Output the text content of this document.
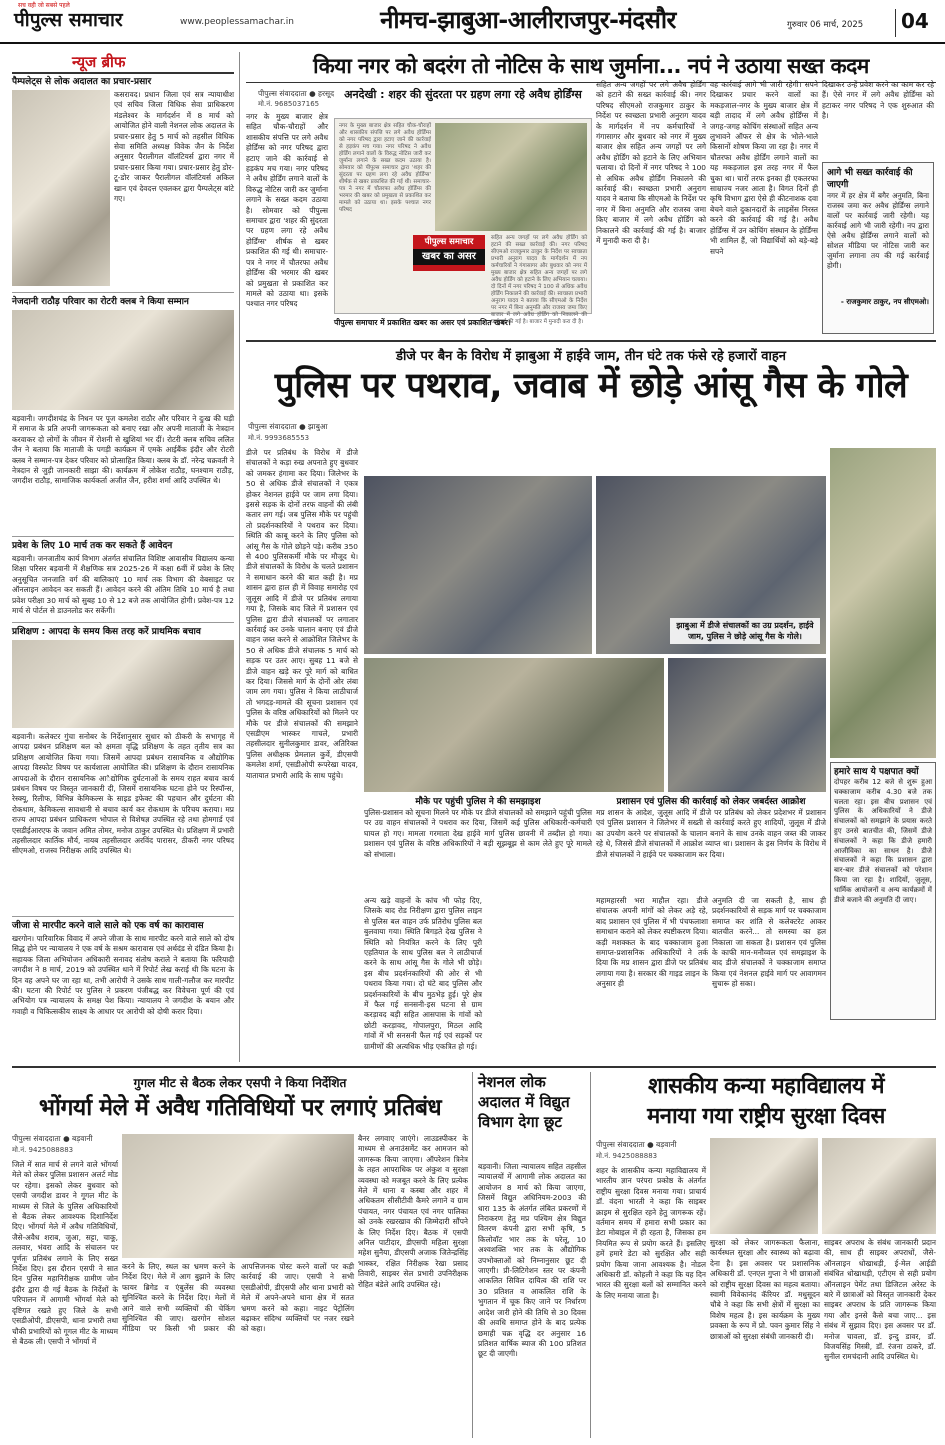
पीपुल्स समाचार
सच वही जो सबसे पहले
www.peoplessamachar.in	नीमच-झाबुआ-आलीराजपुर-मंदसौर	गुरुवार 06 मार्च, 2025	04
न्यूज ब्रीफ
पैम्पलेट्स से लोक अदालत का प्रचार-प्रसार
कसरावद। प्रधान जिला एवं सत्र न्यायाधीश एवं सचिव जिला विधिक सेवा प्राधिकरण मंडलेश्वर के मार्गदर्शन में 8 मार्च को आयोजित होने वाली नेशनल लोक अदालत के प्रचार-प्रसार हेतु 5 मार्च को तहसील विधिक सेवा समिति अध्यक्ष विवेक जैन के निर्देश अनुसार पैरालीगल वॉलंटियर्स द्वारा नगर में प्रचार-प्रसार किया गया। प्रचार-प्रसार हेतु डोर-टू-डोर जाकर पैरालीगल वॉलंटियर्स अकिल खान एवं देवदत्त एवलकर द्वारा पैम्पलेट्स बांटे गए।
नेजदानी राठौड़ परिवार का रोटरी क्लब ने किया सम्मान
बड़वानी। जगदीशचंद्र के निधन पर पूज कमलेश राठौर और परिवार ने दुःख की घड़ी में समाज के प्रति अपनी जागरूकता को बनाए रखा और अपनी माताजी के नेत्रदान करवाकर दो लोगों के जीवन में रोशनी से खुशियां भर दीं। रोटरी क्लब सचिव ललित जैन ने बताया कि माताजी के पगड़ी कार्यक्रम में एमके आईबैंक इंदौर और रोटरी क्लब ने सम्मान-पत्र देकर परिवार को प्रोत्साहित किया। क्लब के डॉ. नरेन्द्र चक्रवती ने नेत्रदान से जुड़ी जानकारी साझा की। कार्यक्रम में लोकेश राठौड़, घनश्याम राठौड़, जगदीश राठौड़, सामाजिक कार्यकर्ता अजीत जैन, हरीश शर्मा आदि उपस्थित थे।
प्रवेश के लिए 10 मार्च तक कर सकते हैं आवेदन
बड़वानी। जनजातीय कार्य विभाग अंतर्गत संचालित विशिष्ट आवासीय विद्यालय कन्या शिक्षा परिसर बड़वानी में शैक्षणिक सत्र 2025-26 में कक्षा 6वीं में प्रवेश के लिए अनुसूचित जनजाति वर्ग की बालिकाएं 10 मार्च तक विभाग की वेबसाइट पर ऑनलाइन आवेदन कर सकती हैं। आवेदन करने की अंतिम तिथि 10 मार्च है तथा प्रवेश परीक्षा 30 मार्च को सुबह 10 से 12 बजे तक आयोजित होगी। प्रवेश-पत्र 12 मार्च से पोर्टल से डाउनलोड कर सकेंगी।
प्रशिक्षण : आपदा के समय किस तरह करें प्राथमिक बचाव
बड़वानी। कलेक्टर गुंचा सनोबर के निर्देशानुसार सुधार को ठीकरी के सभागृह में आपदा प्रबंधन प्रशिक्षण बल को क्षमता वृद्धि प्रशिक्षण के तहत तृतीय सत्र का प्रशिक्षण आयोजित किया गया। जिसमें आपदा प्रबंधन रासायनिक व औद्योगिक आपदा विस्फोट विषय पर कार्यशाला आयोजित की। प्रशिक्षण के दौरान रासायनिक आपदाओं के दौरान रासायनिक आैद्योगिक दुर्घटनाओं के समय राहत बचाव कार्य प्रबंधन विषय पर विस्तृत जानकारी दी, जिसमें रासायनिक घटना होने पर रिस्पॉन्स, रेस्क्यू, रिलीफ, विभिन्न केमिकल्स के साइड इफेक्ट की पहचान और दुर्घटना की रोकथाम, केमिकल्स सावधानी से बचाव कार्य कर रोकथाम के परिचय कराया। मप्र राज्य आपदा प्रबंधन प्राधिकरण भोपाल से विशेषज्ञ उपस्थित रहे तथा होमगार्ड एवं एसडीईआरएफ के जवान अमित तोमर, मनोज ठाकुर उपस्थित थे। प्रशिक्षण में प्रभारी तहसीलदार कार्तिक मौर्य, नायब तहसीलदार अरविंद पारासर, ठीकरी नगर परिषद सीएमओ, राजस्व निरीक्षक आदि उपस्थित थे।
जीजा से मारपीट करने वाले साले को एक वर्ष का कारावास
खरगोन। पारिवारिक विवाद में अपने जीजा के साथ मारपीट करने वाले साले को दोष सिद्ध होने पर न्यायालय ने एक वर्ष के सश्रम कारावास एवं अर्थदंड से दंडित किया है। सहायक जिला अभियोजन अधिकारी सनावद संतोष कराले ने बताया कि फरियादी जगदीश ने 8 मार्च, 2019 को उपस्थित थाने में रिपोर्ट लेख कराई थी कि घटना के दिन वह अपने घर जा रहा था, तभी आरोपी ने उसके साथ गाली-गलौज कर मारपीट की। घटना की रिपोर्ट पर पुलिस ने प्रकरण पंजीबद्ध कर विवेचना पूर्ण की एवं अभियोग पत्र न्यायालय के समक्ष पेश किया। न्यायालय ने जगदीश के बयान और गवाही व चिकित्सकीय साक्ष्य के आधार पर आरोपी को दोषी करार दिया।
किया नगर को बदरंग तो नोटिस के साथ जुर्माना... नपं ने उठाया सख्त कदम
पीपुल्स संवाददाता ● हरसूद
मो.नं. 9685037165
नगर के मुख्य बाजार क्षेत्र सहित चौक-चौराहों और शासकीय संपत्ति पर लगे अवैध होर्डिंग्स को नगर परिषद द्वारा हटाए जाने की कार्रवाई से हड़कंप मच गया। नगर परिषद ने अवैध होर्डिंग लगाने वालों के विरुद्ध नोटिस जारी कर जुर्माना लगाने के सख्त कदम उठाया है। सोमवार को पीपुल्स समाचार द्वारा 'शहर की सुंदरता पर ग्रहण लगा रहे अवैध होर्डिंग्स' शीर्षक से खबर प्रकाशित की गई थी। समाचार-पत्र ने नगर में चौतरफा अवैध होर्डिंग्स की भरमार की खबर को प्रमुखता से प्रकाशित कर मामले को उठाया था। इसके पश्चात नगर परिषद
अनदेखी : शहर की सुंदरता पर ग्रहण लगा रहे अवैध होर्डिंग्स
नगर के मुख्य बाजार क्षेत्र सहित चौक-चौराहों और शासकीय संपत्ति पर लगे अवैध होर्डिंग्स को नगर परिषद द्वारा हटाए जाने की कार्रवाई से हड़कंप मच गया। नगर परिषद ने अवैध होर्डिंग लगाने वालों के विरुद्ध नोटिस जारी कर जुर्माना लगाने के सख्त कदम उठाया है। सोमवार को पीपुल्स समाचार द्वारा 'शहर की सुंदरता पर ग्रहण लगा रहे अवैध होर्डिंग्स' शीर्षक से खबर प्रकाशित की गई थी। समाचार-पत्र ने नगर में चौतरफा अवैध होर्डिंग्स की भरमार की खबर को प्रमुखता से प्रकाशित कर मामले को उठाया था। इसके पश्चात नगर परिषद
पीपुल्स समाचार
खबर का असर
सहित अन्य जगहों पर लगे अवैध होर्डिंग को हटाने की सख्त कार्रवाई की। नगर परिषद सीएमओ राजकुमार ठाकुर के निर्देश पर स्वच्छता प्रभारी अनुराग यादव के मार्गदर्शन में नप कर्मचारियों ने गंगासागर और बुधवार को नगर में मुख्य बाजार क्षेत्र सहित अन्य जगहों पर लगे अवैध होर्डिंग को हटाने के लिए अभियान चलाया। दो दिनों में नगर परिषद ने 100 से अधिक अवैध होर्डिंग निकालने की कार्रवाई की। स्वच्छता प्रभारी अनुराग यादव ने बताया कि सीएमओ के निर्देश पर नगर में बिना अनुमति और राजस्व जमा किए बाजार में लगे अवैध होर्डिंग को निकालने की कार्रवाई की गई है। बाजार में मुनादी करा दी है।
पीपुल्स समाचार में प्रकाशित खबर का असर एवं प्रकाशित खबर।
सहित अन्य जगहों पर लगे अवैध होर्डिंग को हटाने की सख्त कार्रवाई की। नगर परिषद सीएमओ राजकुमार ठाकुर के निर्देश पर स्वच्छता प्रभारी अनुराग यादव के मार्गदर्शन में नप कर्मचारियों ने गंगासागर और बुधवार को नगर में मुख्य बाजार क्षेत्र सहित अन्य जगहों पर लगे अवैध होर्डिंग को हटाने के लिए अभियान चलाया। दो दिनों में नगर परिषद ने 100 से अधिक अवैध होर्डिंग निकालने की कार्रवाई की। स्वच्छता प्रभारी अनुराग यादव ने बताया कि सीएमओ के निर्देश पर नगर में बिना अनुमति और राजस्व जमा किए बाजार में लगे अवैध होर्डिंग को निकालने की कार्रवाई की गई है। बाजार में मुनादी करा दी है।
वह कार्रवाई आगे भी जारी रहेगी। सपने दिखाकर प्रचार करने वालों का मकड़जाल-नगर के मुख्य बाजार क्षेत्र में बड़ी तादाद में लगे अवैध होर्डिंग्स में जगह-जगह कोचिंग संस्थाओं सहित अन्य लुभावने ऑफर से क्षेत्र के भोले-भाले किसानों शोषण किया जा रहा है। नगर में चौतरफा अवैध होर्डिंग लगाने वालों का यह मकड़जाल इस तरह नगर में फैल चुका था। चारों तरफ इनका ही एकतरफा साम्राज्य नजर आता है। विगत दिनों ही कृषि विभाग द्वारा ऐसे ही कीटनाशक दवा बेचने वाले दुकानदारों के लाइसेंस निरस्त करने की कार्रवाई की गई है। अवैध होर्डिंग्स में उन कोचिंग संस्थान के होर्डिंग्स भी शामिल हैं, जो विद्यार्थियों को बड़े-बड़े सपने
दिखाकर उन्हें प्रवेश करने का काम कर रहे हैं। ऐसे नगर में लगे अवैध होर्डिंग्स को हटाकर नगर परिषद ने एक शुरुआत की है।
आगे भी सख्त कार्रवाई की जाएगी
नगर में हर क्षेत्र में बगैर अनुमति, बिना राजस्व जमा कर अवैध होर्डिंग्स लगाने वालों पर कार्रवाई जारी रहेगी। यह कार्रवाई आगे भी जारी रहेगी। नप द्वारा ऐसे अवैध होर्डिंग्स लगाने वालों को सोशल मीडिया पर नोटिस जारी कर जुर्माना लगाना तय की गई कार्रवाई होगी।
- राजकुमार ठाकुर, नप सीएमओ।
डीजे पर बैन के विरोध में झाबुआ में हाईवे जाम, तीन घंटे तक फंसे रहे हजारों वाहन
पुलिस पर पथराव, जवाब में छोड़े आंसू गैस के गोले
पीपुल्स संवाददाता ● झाबुआ
मो.नं. 9993685553
डीजे पर प्रतिबंध के विरोध में डीजे संचालकों ने कड़ा रुख अपनाते हुए बुधवार को जमकर हंगामा कर दिया। जिलेभर के 50 से अधिक डीजे संचालकों ने एकत्र होकर नेशनल हाईवे पर जाम लगा दिया। इससे सड़क के दोनों तरफ वाहनों की लंबी कतार लग गई। जब पुलिस मौके पर पहुंची तो प्रदर्शनकारियों ने पथराव कर दिया। स्थिति की काबू करने के लिए पुलिस को आंसू गैस के गोले छोड़ने पड़े। करीब 350 से 400 पुलिसकर्मी मौके पर मौजूद थे। डीजे संचालकों के विरोध के चलते प्रशासन ने समाधान करने की बात कही है। मप्र शासन द्वारा हाल ही में विवाह समारोह एवं जुलूस आदि में डीजे पर प्रतिबंध लगाया गया है, जिसके बाद जिले में प्रशासन एवं पुलिस द्वारा डीजे संचालकों पर लगातार कार्रवाई कर उनके चालान बनाए एवं डीजे वाहन जब्त करने से आक्रोशित जिलेभर के 50 से अधिक डीजे संचालक 5 मार्च को सड़क पर उतर आए। सुबह 11 बजे से डीजे वाहन खड़े कर पूरे मार्ग को बाधित कर दिया। जिससे मार्ग के दोनों ओर लंबा जाम लग गया। पुलिस ने किया लाठीचार्ज तो भगदड़-मामले की सूचना प्रशासन एवं पुलिस के वरिष्ठ अधिकारियों को मिलने पर मौके पर डीजे संचालकों की समझाने एसडीएम भास्कर गाचले, प्रभारी तहसीलदार सुनीलकुमार डावर, अतिरिक्त पुलिस अधीक्षक प्रेमलाल कुर्वे, डीएसपी कमलेश शर्मा, एसडीओपी रूपरेखा यादव, यातायात प्रभारी आदि के साथ पहुंचे।
झाबुआ में डीजे संचालकों का उग्र प्रदर्शन, हाईवे जाम, पुलिस ने छोड़े आंसू गैस के गोले।
मौके पर पहुंची पुलिस ने की समझाइश
पुलिस-प्रशासन को सूचना मिलने पर मौके पर डीजे संचालकों को समझाने पहुंची पुलिस पर उग्र वाहन संचालकों ने पथराव कर दिया, जिसमें कई पुलिस अधिकारी-कर्मचारी घायल हो गए। मामला गरमाता देख हाईवे मार्ग पुलिस छावनी में तब्दील हो गया। प्रशासन एवं पुलिस के वरिष्ठ अधिकारियों ने बड़ी सूझबूझ से काम लेते हुए पूरे मामले को संभाला।
प्रशासन एवं पुलिस की कार्रवाई को लेकर जबर्दस्त आक्रोश
मप्र शासन के आदेश, जुलूस आदि में डीजे पर प्रतिबंध को लेकर प्रदेशभर में प्रशासन एवं पुलिस प्रशासन ने जिलेभर में सख्ती से कार्रवाई करते हुए शादियों, जुलूस में डीजे का उपयोग करने पर संचालकों के चालान बनाने के साथ उनके वाहन जब्त की जाकर रहे थे, जिससे डीजे संचालकों में आक्रोश व्याप्त था। प्रशासन के इस निर्णय के विरोध में डीजे संचालकों ने हाईवे पर चक्काजाम कर दिया।
हमारे साथ ये पक्षपात क्यों
दोपहर करीब 12 बजे से शुरू हुआ चक्काजाम करीब 4.30 बजे तक चलता रहा। इस बीच प्रशासन एवं पुलिस के अधिकारियों ने डीजे संचालकों को समझाने के प्रयास करते हुए उनसे बातचीत की, जिसमें डीजे संचालकों ने कहा कि डीजे हमारी आजीविका का साधन है। डीजे संचालकों ने कहा कि प्रशासन द्वारा बार-बार डीजे संचालकों को परेशान किया जा रहा है। शादियों, जुलूस, धार्मिक आयोजनों व अन्य कार्यक्रमों में डीजे बजाने की अनुमति दी जाए।
अन्य खड़े वाहनों के कांच भी फोड़ दिए, जिसके बाद रोड निरीक्षण द्वारा पुलिस लाइन से पुलिस बल वाहन उर्फ प्रतिरोध पुलिस बल बुलवाया गया। स्थिति बिगड़ते देख पुलिस ने स्थिति को नियंत्रित करने के लिए पूरी एहतियात के साथ पुलिस बल ने लाठीचार्ज करने के साथ आंसू गैस के गोले भी छोड़े। इस बीच प्रदर्शनकारियों की ओर से भी पथराव किया गया। दो घंटे बाद पुलिस और प्रदर्शनकारियों के बीच मुठभेड़ हुई। पूरे क्षेत्र में फैल गई सनसनी-इस घटना से ग्राम करड़ावद बड़ी सहित आसपास के गांवों को छोटी करड़ावद, गोपालपुरा, मिठल आदि गांवों में भी सनसनी फैल गई एवं सड़कों पर ग्रामीणों की अत्यधिक भीड़ एकत्रित हो गई।
महामहारसी भरा माहौल रहा। डीजे संचालक अपनी मांगों को लेकर अड़े रहे, बाद प्रशासन एवं पुलिस में भी पंचफलाशा समाधान कराने को लेकर स्पष्टीकरण दिया। कड़ी मशक्कत के बाद चक्काजाम हुआ समाप्त-प्रशासनिक अधिकारियों ने तर्क दिया कि मप्र शासन द्वारा डीजे पर प्रतिबंध लगाया गया है। सरकार की गाइड लाइन के अनुसार ही
अनुमति दी जा सकती है, साथ ही प्रदर्शनकारियों से सड़क मार्ग पर चक्काजाम समाप्त कर शांति से कलेक्टरेट आकर बातचीत करने... तो समस्या का हल निकाला जा सकता है। प्रशासन एवं पुलिस के काफी मान-मनौव्वल एवं समझाइश के बाद डीजे संचालकों ने चक्काजाम समाप्त किया एवं नेशनल हाईवे मार्ग पर आवागमन सुचारू हो सका।
गुगल मीट से बैठक लेकर एसपी ने किया निर्देशित
भोंगर्या मेले में अवैध गतिविधियों पर लगाएं प्रतिबंध
पीपुल्स संवाददाता ● बड़वानी
मो.नं. 9425088883
जिले में सात मार्च से लगने वाले भोंगर्या मेले को लेकर पुलिस प्रशासन अलर्ट मोड पर रहेगा। इसको लेकर बुधवार को एसपी जगदीश डावर ने गूगल मीट के माध्यम से जिले के पुलिस अधिकारियों से बैठक लेकर आवश्यक दिशानिर्देश दिए। भोंगर्या मेले में अवैध गतिविधियों, जैसे-अवैध शराब, जुआ, सट्टा, चाकू, तलवार, भंवरा आदि के संचालन पर पूर्णतः प्रतिबंध लगाने के लिए सख्त निर्देश दिए। इस दौरान एसपी ने सात दिन पुलिस महानिरीक्षक ग्रामीण जोन इंदौर द्वारा दी गई बैठक के निर्देशों के परिपालन में आगामी भोंगर्या मेले को दृष्टिगत रखते हुए जिले के सभी एसडीओपी, डीएसपी, थाना प्रभारी तथा चौकी प्रभारियों को गूगल मीट के माध्यम से बैठक ली। एसपी ने भोंगर्या में
करने के लिए, स्थल का भ्रमण करने के निर्देश दिए। मेले में आग बुझाने के लिए फायर ब्रिगेड व एंबुलेंस की व्यवस्था सुनिश्चित करने के निर्देश दिए। मेलों में आने वाले सभी व्यक्तियों की चेकिंग सुनिश्चित की जाए। खरगोन सोशल मीडिया पर किसी भी प्रकार की आपत्तिजनक पोस्ट करने वालों पर कड़ी कार्रवाई की जाए। एसपी ने सभी एसडीओपी, डीएसपी और थाना प्रभारी को मेले में अपने-अपने थाना क्षेत्र में सतत भ्रमण करने को कहा। नाइट पेट्रोलिंग बढ़ाकर संदिग्ध व्यक्तियों पर नजर रखने को कहा।
बैनर लगवाए जाएंगे। लाउडस्पीकर के माध्यम से अनाउंसमेंट कर आमजन को जागरूक किया जाएगा। ऑपरेशन त्रिनेत्र के तहत आपराधिक पर अंकुश व सुरक्षा व्यवस्था को मजबूत करने के लिए प्रत्येक मेले में थाना व कस्बा और शहर में अधिकतम सीसीटीवी कैमरे लगाने व ग्राम पंचायत, नगर पंचायत एवं नगर पालिका को उनके रखरखाव की जिम्मेदारी सौंपने के लिए निर्देश दिए। बैठक में एसपी अनिल पाटीदार, डीएसपी महिला सुरक्षा महेश सुनैया, डीएसपी अजाक जितेन्द्रसिंह भास्कर, रक्षित निरीक्षक रेखा प्रसाद तिवारी, साइबर सेल प्रभारी उपनिरीक्षक रोहित बंडेले आदि उपस्थित रहे।
नेशनल लोक अदालत में विद्युत विभाग देगा छूट
बड़वानी। जिला न्यायालय सहित तहसील न्यायालयों में आगामी लोक अदालत का आयोजन 8 मार्च को किया जाएगा, जिसमें विद्युत अधिनियम-2003 की धारा 135 के अंतर्गत लंबित प्रकरणों में निराकरण हेतु मप्र पश्चिम क्षेत्र विद्युत वितरण कंपनी द्वारा सभी कृषि, 5 किलोवॉट भार तक के घरेलू, 10 अश्वशक्ति भार तक के औद्योगिक उपभोक्ताओं को निम्नानुसार छूट दी जाएगी। प्री-लिटिगेशन स्तर पर कंपनी आकलित सिविल दायित्व की राशि पर 30 प्रतिशत व आकलित राशि के भुगतान में चूक किए जाने पर निर्धारण आदेश जारी होने की तिथि से 30 दिवस की अवधि समाप्त होने के बाद प्रत्येक छमाही चक्र वृद्धि दर अनुसार 16 प्रतिशत वार्षिक ब्याज की 100 प्रतिशत छूट दी जाएगी।
शासकीय कन्या महाविद्यालय में
मनाया गया राष्ट्रीय सुरक्षा दिवस
पीपुल्स संवाददाता ● बड़वानी
मो.नं. 9425088883
शहर के शासकीय कन्या महाविद्यालय में भारतीय ज्ञान परंपरा प्रकोष्ठ के अंतर्गत राष्ट्रीय सुरक्षा दिवस मनाया गया। प्राचार्य डॉ. वंदना भारती ने कहा कि साइबर क्राइम से सुरक्षित रहने हेतु जागरूक रहें। वर्तमान समय में हमारा सभी प्रकार का डेटा मोबाइल में ही रहता है, जिसका हम नियमित रूप से प्रयोग करते हैं। इसलिए हमें हमारे डेटा को सुरक्षित और सही प्रयोग किया जाना आवश्यक है। नोडल अधिकारी डॉ. कोहली ने कहा कि यह दिन भारत की सुरक्षा बलों को सम्मानित करने के लिए मनाया जाता है।
सुरक्षा को लेकर जागरूकता फैलाना, कार्यस्थल सुरक्षा और स्वास्थ्य को बढ़ावा देना है। इस अवसर पर प्रशासनिक अधिकारी डॉ. एनएल गुप्ता ने भी छात्राओं को राष्ट्रीय सुरक्षा दिवस का महत्व बताया। स्वामी विवेकानंद कॅरियर डॉ. मधुसूदन चौबे ने कहा कि सभी क्षेत्रों में सुरक्षा का विशेष महत्व है। इस कार्यक्रम के मुख्य प्रवक्ता के रूप में प्रो. पवन कुमार सिंह ने छात्राओं को सुरक्षा संबंधी जानकारी दी।
साइबर अपराध के संबंध जानकारी प्रदान की, साथ ही साइबर अपराधों, जैसे-ऑनलाइन धोखाधड़ी, ई-मेल आईडी संबंधित धोखाधड़ी, एटीएम से सही प्रयोग ऑनलाइन पेमेंट तथा डिजिटल अरेस्ट के बारे में छात्राओं को विस्तृत जानकारी देकर साइबर अपराध के प्रति जागरूक किया गया और इनसे कैसे बचा जाए... इस संबंध में सुझाव दिए। इस अवसर पर डॉ. मनोज चावला, डॉ. इन्दु डावर, डॉ. विजयसिंह मिस्त्री, डॉ. रंजना ठाकरे, डॉ. सुनील रामचंदानी आदि उपस्थित थे।
